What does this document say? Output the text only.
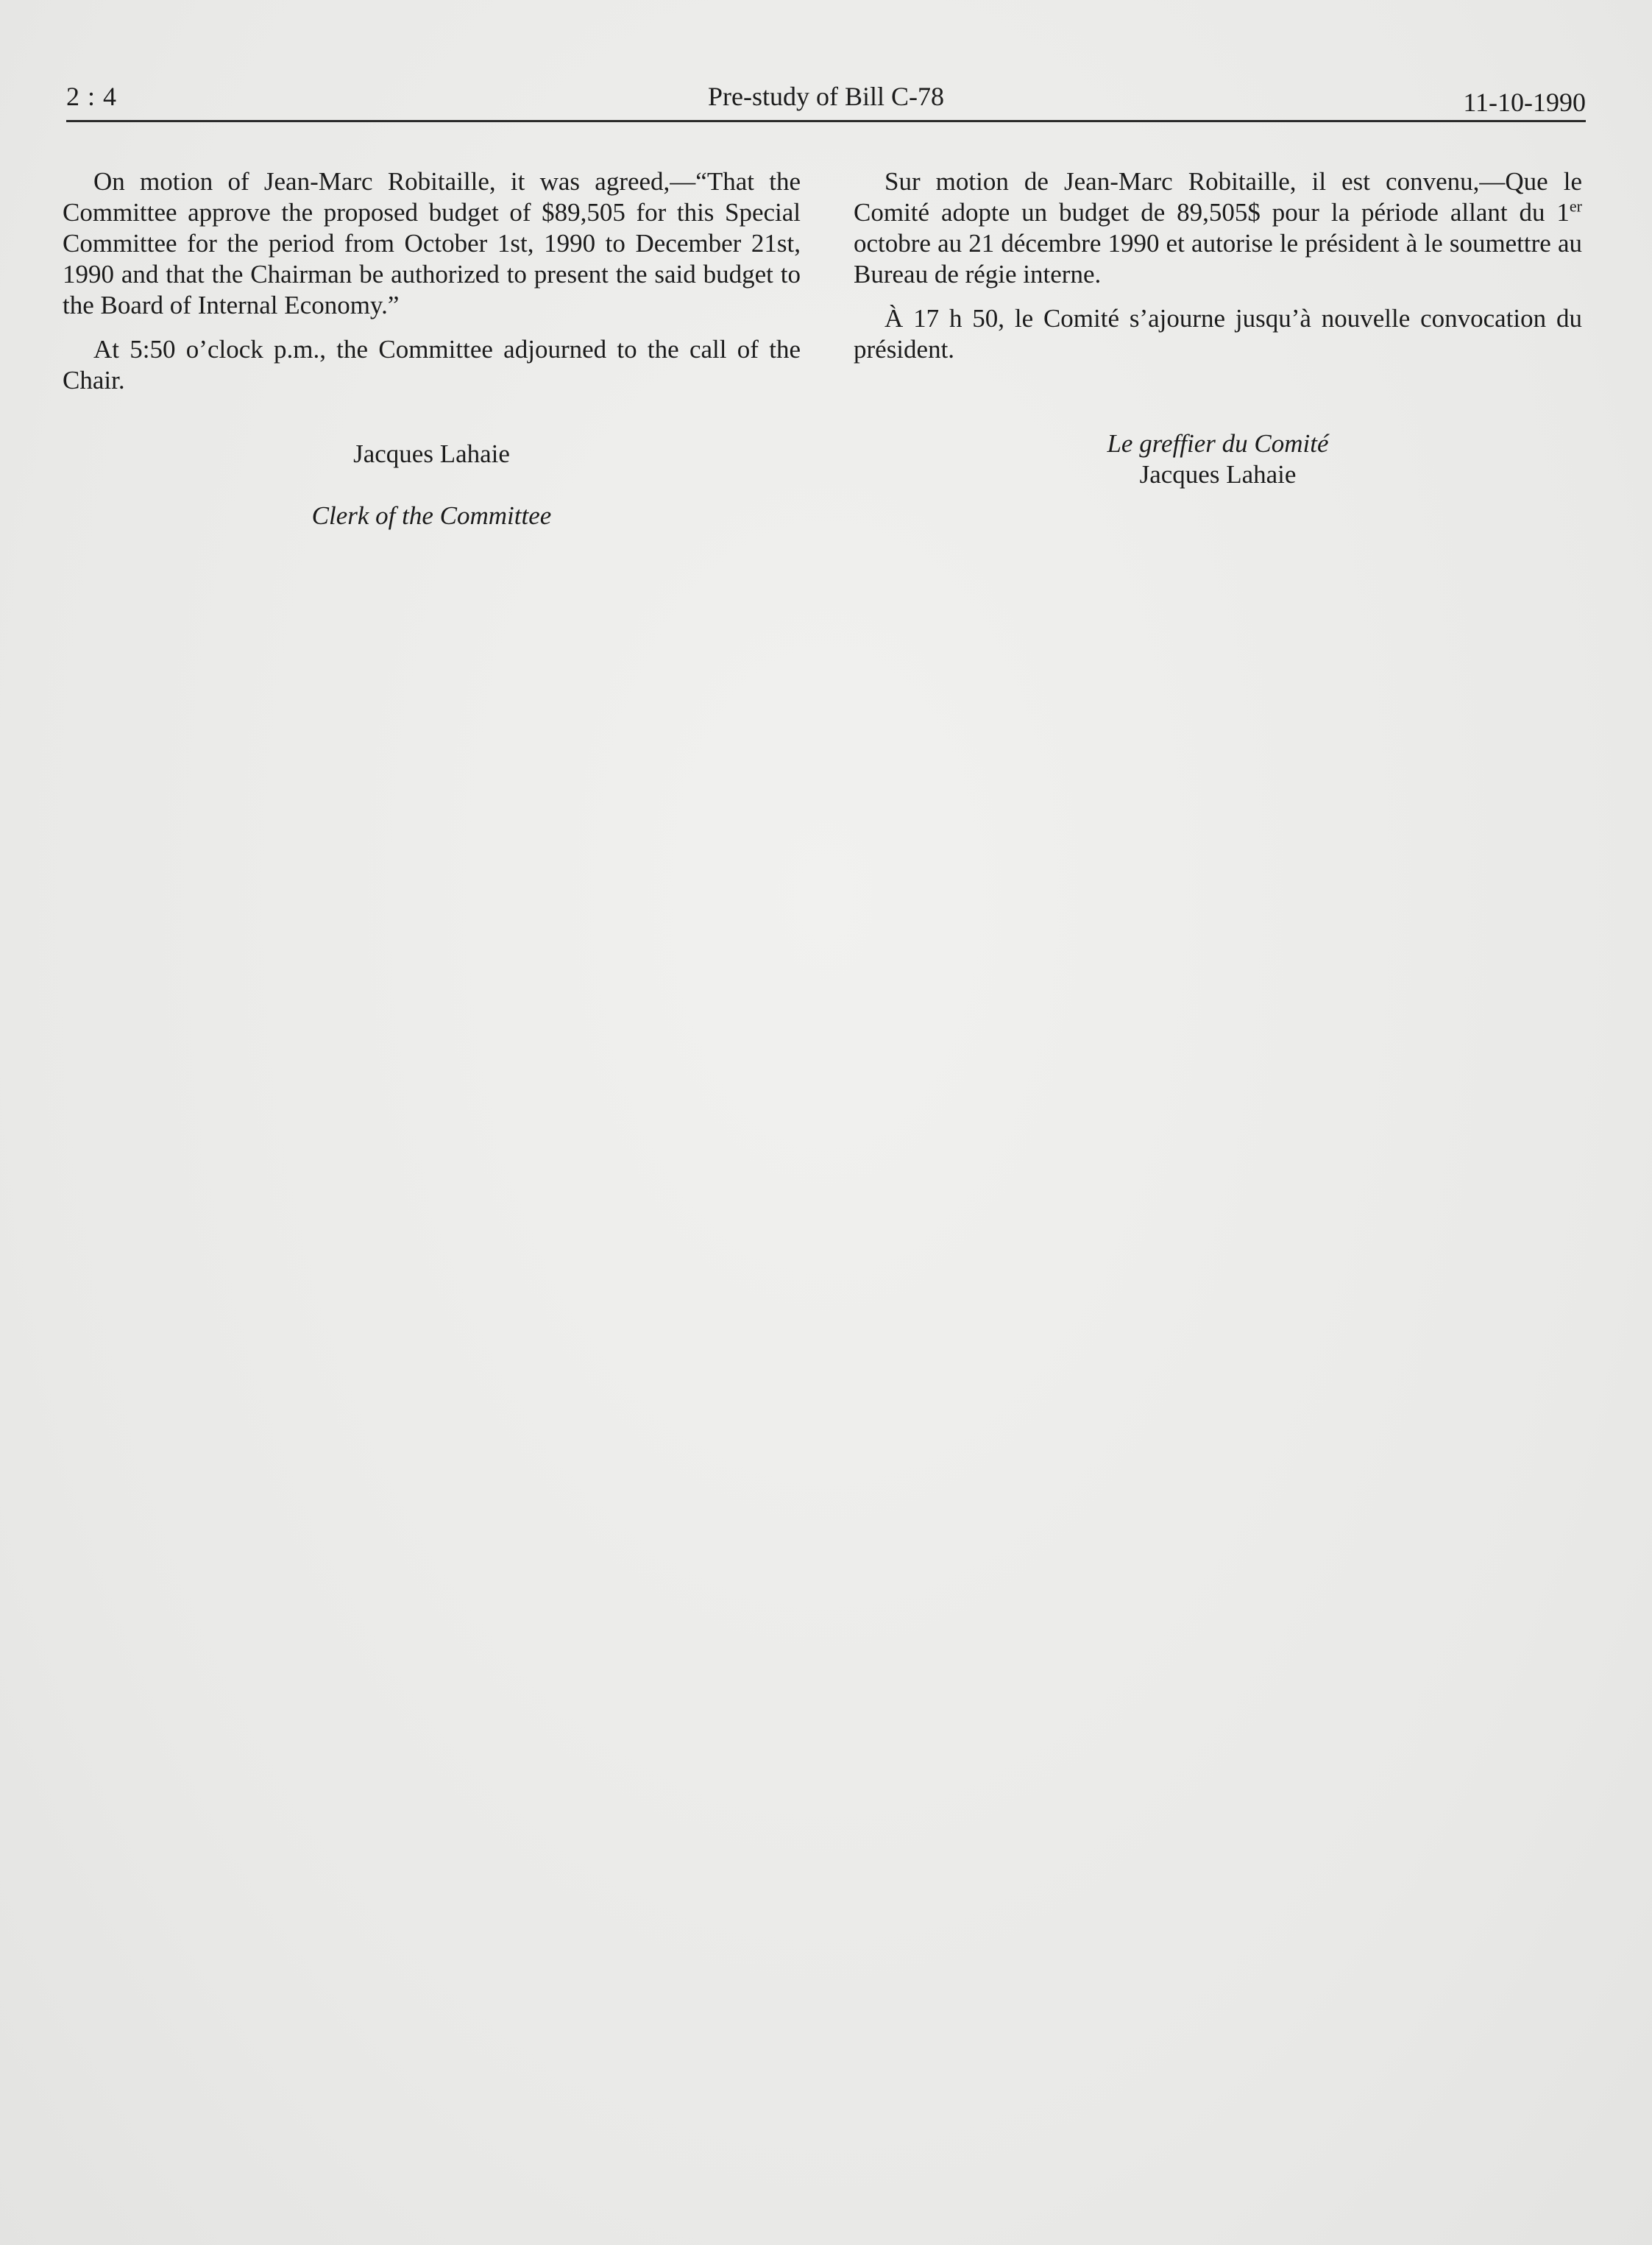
2 : 4	Pre-study of Bill C-78	11-10-1990

On motion of Jean-Marc Robitaille, it was agreed,—“That the Committee approve the proposed budget of $89,505 for this Special Committee for the period from October 1st, 1990 to December 21st, 1990 and that the Chairman be authorized to present the said budget to the Board of Internal Economy.”

At 5:50 o’clock p.m., the Committee adjourned to the call of the Chair.

Jacques Lahaie
Clerk of the Committee

Sur motion de Jean-Marc Robitaille, il est convenu,—Que le Comité adopte un budget de 89,505$ pour la période allant du 1er octobre au 21 décembre 1990 et autorise le président à le soumettre au Bureau de régie interne.

À 17 h 50, le Comité s’ajourne jusqu’à nouvelle convocation du président.

Le greffier du Comité
Jacques Lahaie
